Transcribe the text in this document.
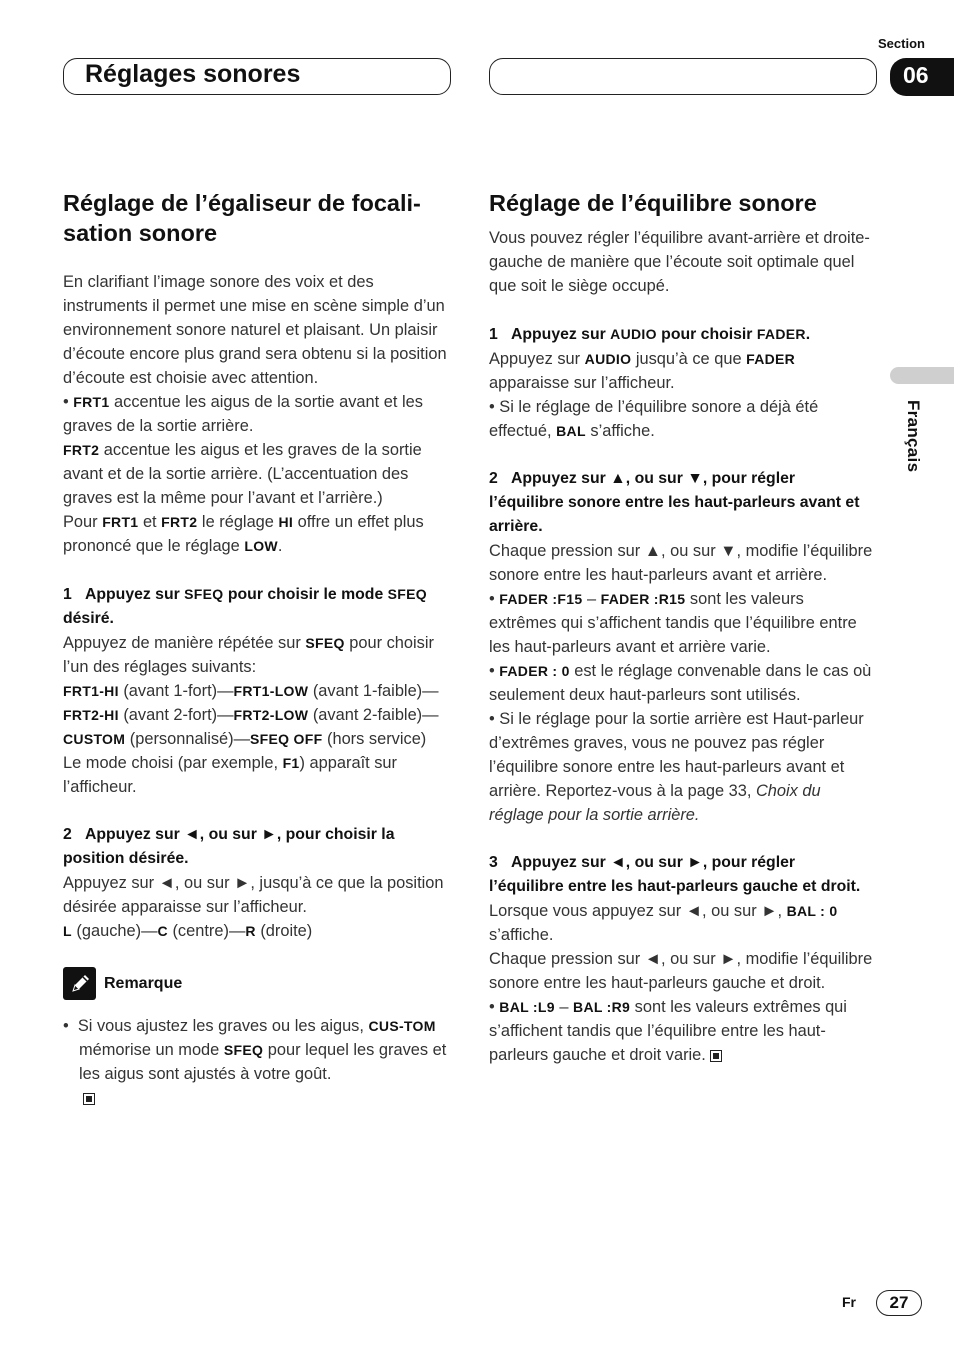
Réglages sonores
Section
06
Français
Réglage de l’égaliseur de focali-
sation sonore

En clarifiant l’image sonore des voix et des instruments il permet une mise en scène simple d’un environnement sonore naturel et plaisant. Un plaisir d’écoute encore plus grand sera obtenu si la position d’écoute est choisie avec attention.

• FRT1 accentue les aigus de la sortie avant et les graves de la sortie arrière.

FRT2 accentue les aigus et les graves de la sortie avant et de la sortie arrière. (L’accentuation des graves est la même pour l’avant et l’arrière.)

Pour FRT1 et FRT2 le réglage HI offre un effet plus prononcé que le réglage LOW.

1 Appuyez sur SFEQ pour choisir le mode SFEQ désiré.

Appuyez de manière répétée sur SFEQ pour choisir l’un des réglages suivants:

FRT1-HI (avant 1-fort)—FRT1-LOW (avant 1-faible)—FRT2-HI (avant 2-fort)—FRT2-LOW (avant 2-faible)—CUSTOM (personnalisé)—SFEQ OFF (hors service)

Le mode choisi (par exemple, F1) apparaît sur l’afficheur.

2 Appuyez sur ◄, ou sur ►, pour choisir la position désirée.

Appuyez sur ◄, ou sur ►, jusqu’à ce que la position désirée apparaisse sur l’afficheur.

L (gauche)—C (centre)—R (droite)

Remarque

•  Si vous ajustez les graves ou les aigus, CUS-TOM mémorise un mode SFEQ pour lequel les graves et les aigus sont ajustés à votre goût.

Réglage de l’équilibre sonore

Vous pouvez régler l’équilibre avant-arrière et droite-gauche de manière que l’écoute soit optimale quel que soit le siège occupé.

1 Appuyez sur AUDIO pour choisir FADER.

Appuyez sur AUDIO jusqu’à ce que FADER apparaisse sur l’afficheur.

• Si le réglage de l’équilibre sonore a déjà été effectué, BAL s’affiche.

2 Appuyez sur ▲, ou sur ▼, pour régler l’équilibre sonore entre les haut-parleurs avant et arrière.

Chaque pression sur ▲, ou sur ▼, modifie l’équilibre sonore entre les haut-parleurs avant et arrière.

• FADER :F15 – FADER :R15 sont les valeurs extrêmes qui s’affichent tandis que l’équilibre entre les haut-parleurs avant et arrière varie.

• FADER : 0 est le réglage convenable dans le cas où seulement deux haut-parleurs sont utilisés.

• Si le réglage pour la sortie arrière est Haut-parleur d’extrêmes graves, vous ne pouvez pas régler l’équilibre sonore entre les haut-parleurs avant et arrière. Reportez-vous à la page 33, Choix du réglage pour la sortie arrière.

3 Appuyez sur ◄, ou sur ►, pour régler l’équilibre entre les haut-parleurs gauche et droit.

Lorsque vous appuyez sur ◄, ou sur ►, BAL : 0 s’affiche.

Chaque pression sur ◄, ou sur ►, modifie l’équilibre sonore entre les haut-parleurs gauche et droit.

• BAL :L9 – BAL :R9 sont les valeurs extrêmes qui s’affichent tandis que l’équilibre entre les haut-parleurs gauche et droit varie.

Fr	27
